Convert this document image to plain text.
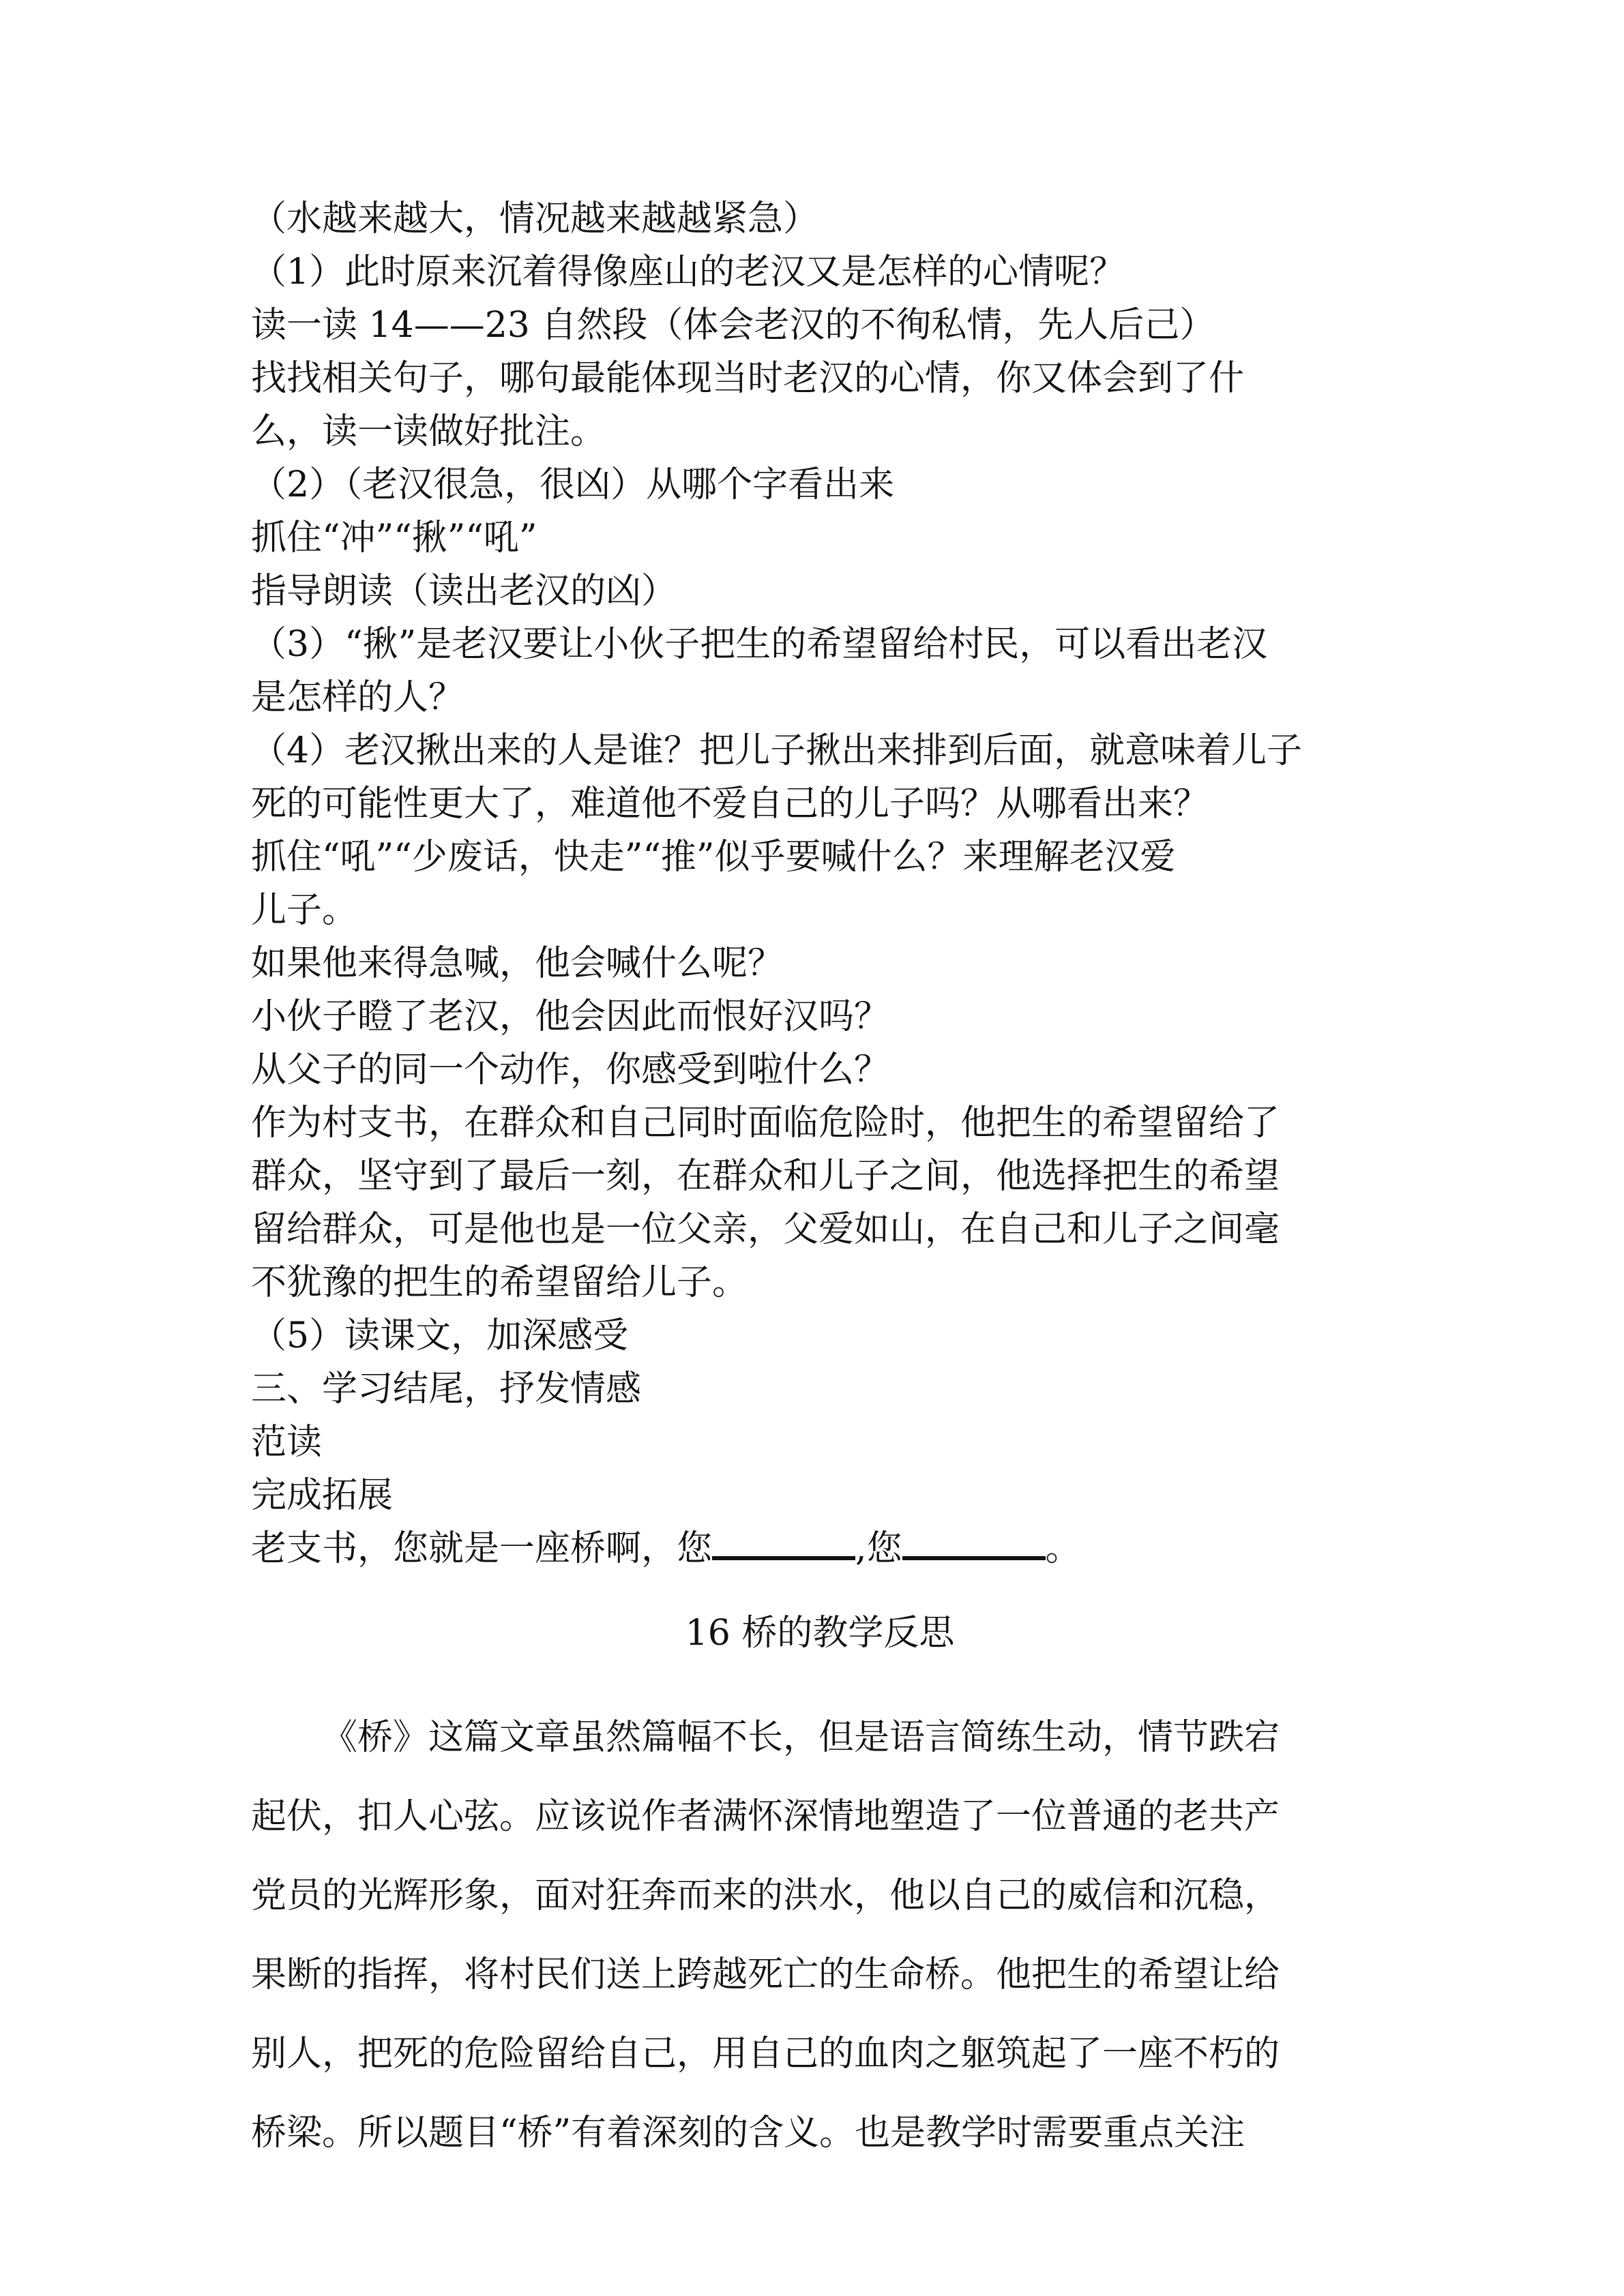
（水越来越大，情况越来越越紧急）
（1）此时原来沉着得像座山的老汉又是怎样的心情呢？
读一读 14——23 自然段（体会老汉的不徇私情，先人后己）
找找相关句子，哪句最能体现当时老汉的心情，你又体会到了什
么，读一读做好批注。
（2）（老汉很急，很凶）从哪个字看出来
抓住“冲”“揪”“吼”
指导朗读（读出老汉的凶）
（3）“揪”是老汉要让小伙子把生的希望留给村民，可以看出老汉
是怎样的人？
（4）老汉揪出来的人是谁？把儿子揪出来排到后面，就意味着儿子
死的可能性更大了，难道他不爱自己的儿子吗？从哪看出来？
抓住“吼”“少废话，快走”“推”似乎要喊什么？来理解老汉爱
儿子。
如果他来得急喊，他会喊什么呢？
小伙子瞪了老汉，他会因此而恨好汉吗？
从父子的同一个动作，你感受到啦什么？
作为村支书，在群众和自己同时面临危险时，他把生的希望留给了
群众，坚守到了最后一刻，在群众和儿子之间，他选择把生的希望
留给群众，可是他也是一位父亲，父爱如山，在自己和儿子之间毫
不犹豫的把生的希望留给儿子。
（5）读课文，加深感受
三、学习结尾，抒发情感
范读
完成拓展
老支书，您就是一座桥啊，您	,您	。
16 桥的教学反思
《桥》这篇文章虽然篇幅不长，但是语言简练生动，情节跌宕
起伏，扣人心弦。应该说作者满怀深情地塑造了一位普通的老共产
党员的光辉形象，面对狂奔而来的洪水，他以自己的威信和沉稳，
果断的指挥，将村民们送上跨越死亡的生命桥。他把生的希望让给
别人，把死的危险留给自己，用自己的血肉之躯筑起了一座不朽的
桥梁。所以题目“桥”有着深刻的含义。也是教学时需要重点关注
